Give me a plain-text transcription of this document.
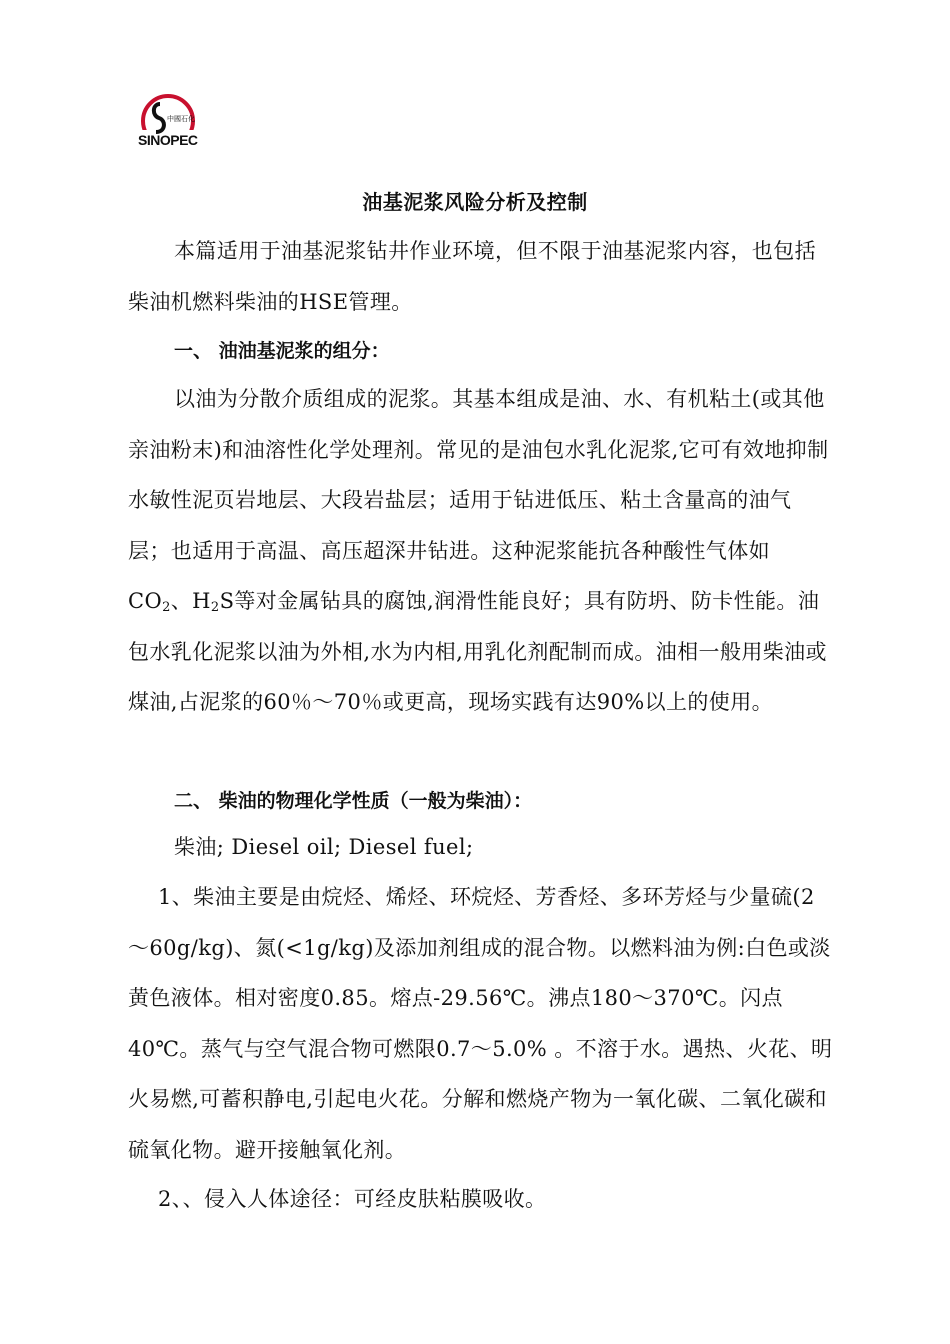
中國石化
SINOPEC
油基泥浆风险分析及控制
本篇适用于油基泥浆钻井作业环境，但不限于油基泥浆内容，也包括柴油机燃料柴油的HSE管理。
一、 油油基泥浆的组分：
以油为分散介质组成的泥浆。其基本组成是油、水、有机粘土(或其他亲油粉末)和油溶性化学处理剂。常见的是油包水乳化泥浆,它可有效地抑制水敏性泥页岩地层、大段岩盐层；适用于钻进低压、粘土含量高的油气层；也适用于高温、高压超深井钻进。这种泥浆能抗各种酸性气体如$CO_2$、$H_2S$等对金属钻具的腐蚀,润滑性能良好；具有防坍、防卡性能。油包水乳化泥浆以油为外相,水为内相,用乳化剂配制而成。油相一般用柴油或煤油,占泥浆的60％～70％或更高，现场实践有达90%以上的使用。
二、 柴油的物理化学性质（一般为柴油）：
柴油; Diesel oil; Diesel fuel;
1、柴油主要是由烷烃、烯烃、环烷烃、芳香烃、多环芳烃与少量硫(2～60g/kg)、氮(<1g/kg)及添加剂组成的混合物。以燃料油为例:白色或淡黄色液体。相对密度0.85。熔点-29.56℃。沸点180～370℃。闪点40℃。蒸气与空气混合物可燃限0.7～5.0% 。不溶于水。遇热、火花、明火易燃,可蓄积静电,引起电火花。分解和燃烧产物为一氧化碳、二氧化碳和硫氧化物。避开接触氧化剂。
2、、侵入人体途径：可经皮肤粘膜吸收。
